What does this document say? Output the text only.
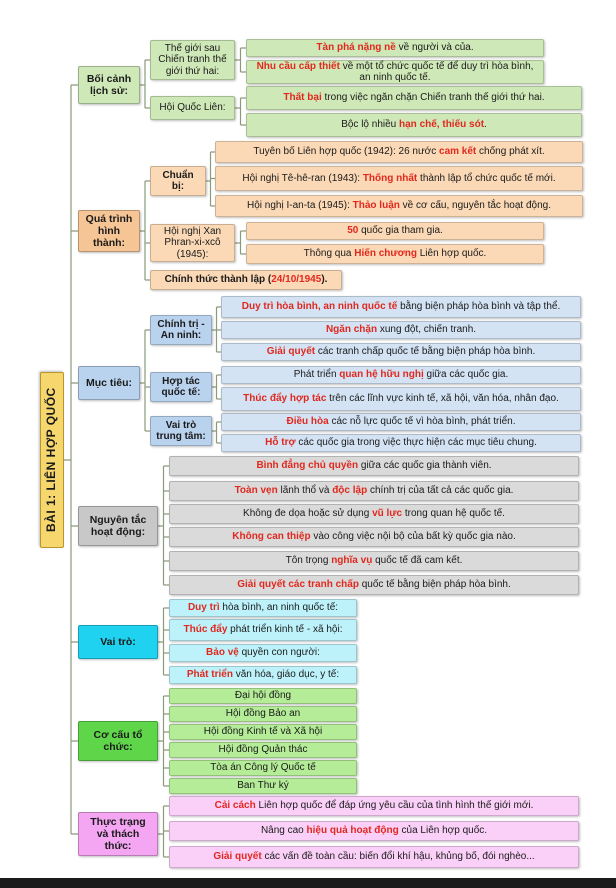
BÀI 1: LIÊN HỢP QUỐC
Bối cảnh lịch sử:
Thế giới sau Chiến tranh thế giới thứ hai:
Tàn phá nặng nề về người và của.
Nhu cầu cấp thiết về một tổ chức quốc tế để duy trì hòa bình, an ninh quốc tế.
Hội Quốc Liên:
Thất bại trong việc ngăn chặn Chiến tranh thế giới thứ hai.
Bộc lộ nhiều hạn chế, thiếu sót.
Quá trình hình thành:
Chuẩn bị:
Tuyên bố Liên hợp quốc (1942): 26 nước cam kết chống phát xít.
Hội nghị Tê-hê-ran (1943): Thống nhất thành lập tổ chức quốc tế mới.
Hội nghị I-an-ta (1945): Thảo luận về cơ cấu, nguyên tắc hoạt động.
Hội nghị Xan Phran-xi-xcô (1945):
50 quốc gia tham gia.
Thông qua Hiến chương Liên hợp quốc.
Chính thức thành lập (24/10/1945).
Mục tiêu:
Chính trị - An ninh:
Duy trì hòa bình, an ninh quốc tế bằng biện pháp hòa bình và tập thể.
Ngăn chặn xung đột, chiến tranh.
Giải quyết các tranh chấp quốc tế bằng biện pháp hòa bình.
Hợp tác quốc tế:
Phát triển quan hệ hữu nghị giữa các quốc gia.
Thúc đẩy hợp tác trên các lĩnh vực kinh tế, xã hội, văn hóa, nhân đạo.
Vai trò trung tâm:
Điều hòa các nỗ lực quốc tế vì hòa bình, phát triển.
Hỗ trợ các quốc gia trong việc thực hiện các mục tiêu chung.
Nguyên tắc hoạt động:
Bình đẳng chủ quyền giữa các quốc gia thành viên.
Toàn vẹn lãnh thổ và độc lập chính trị của tất cả các quốc gia.
Không đe dọa hoặc sử dụng vũ lực trong quan hệ quốc tế.
Không can thiệp vào công việc nội bộ của bất kỳ quốc gia nào.
Tôn trọng nghĩa vụ quốc tế đã cam kết.
Giải quyết các tranh chấp quốc tế bằng biện pháp hòa bình.
Vai trò:
Duy trì hòa bình, an ninh quốc tế:
Thúc đẩy phát triển kinh tế - xã hội:
Bảo vệ quyền con người:
Phát triển văn hóa, giáo dục, y tế:
Cơ cấu tổ chức:
Đại hội đồng
Hội đồng Bảo an
Hội đồng Kinh tế và Xã hội
Hội đồng Quản thác
Tòa án Công lý Quốc tế
Ban Thư ký
Thực trạng và thách thức:
Cải cách Liên hợp quốc để đáp ứng yêu cầu của tình hình thế giới mới.
Nâng cao hiệu quả hoạt động của Liên hợp quốc.
Giải quyết các vấn đề toàn cầu: biến đổi khí hậu, khủng bố, đói nghèo...
